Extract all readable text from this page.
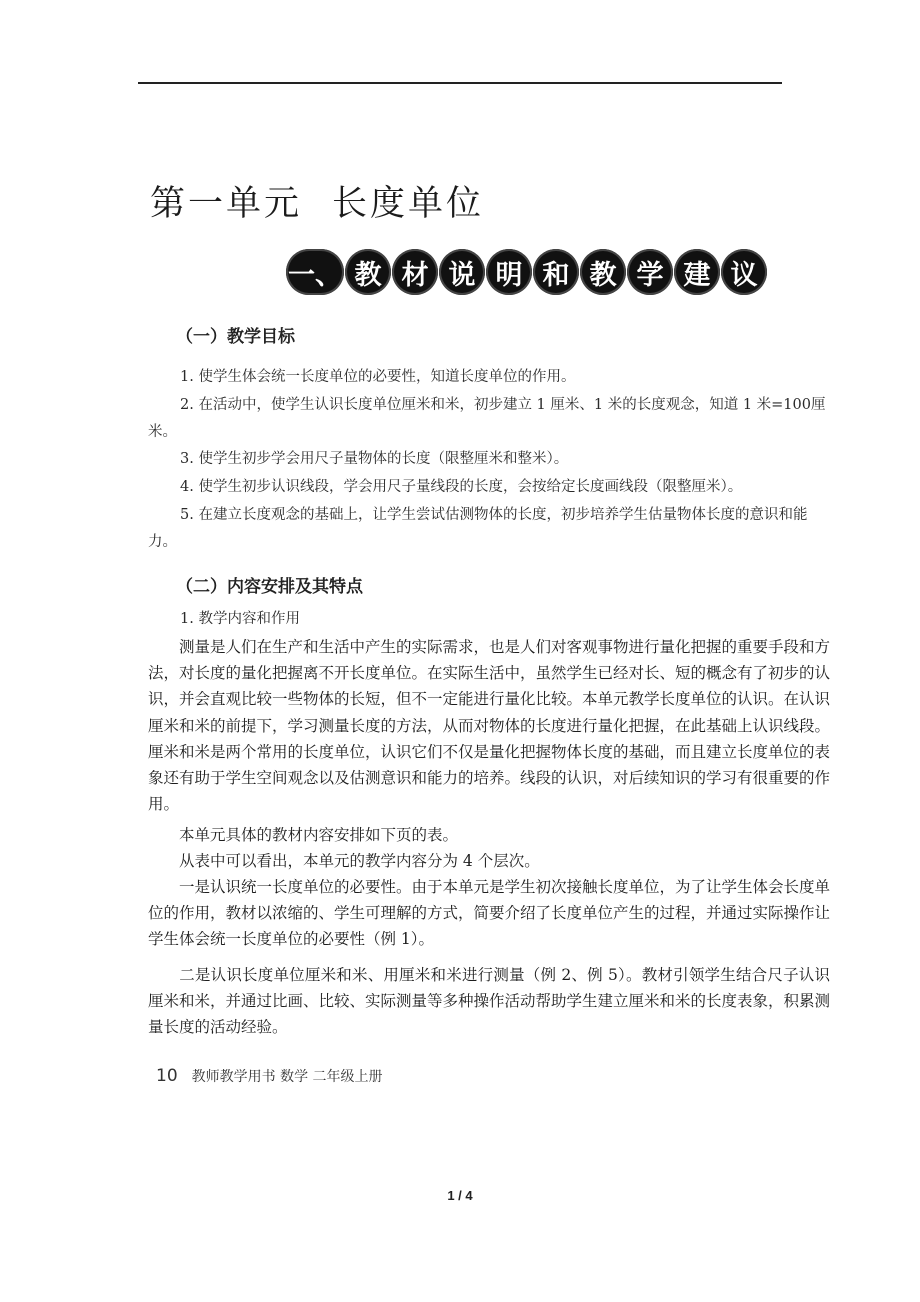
第一单元 长度单位
一、 教 材 说 明 和 教 学 建 议
（一）教学目标
1. 使学生体会统一长度单位的必要性，知道长度单位的作用。
2. 在活动中，使学生认识长度单位厘米和米，初步建立 1 厘米、1 米的长度观念，知道 1 米=100厘米。
3. 使学生初步学会用尺子量物体的长度（限整厘米和整米）。
4. 使学生初步认识线段，学会用尺子量线段的长度，会按给定长度画线段（限整厘米）。
5. 在建立长度观念的基础上，让学生尝试估测物体的长度，初步培养学生估量物体长度的意识和能力。
（二）内容安排及其特点
1. 教学内容和作用
测量是人们在生产和生活中产生的实际需求，也是人们对客观事物进行量化把握的重要手段和方法，对长度的量化把握离不开长度单位。在实际生活中，虽然学生已经对长、短的概念有了初步的认识，并会直观比较一些物体的长短，但不一定能进行量化比较。本单元教学长度单位的认识。在认识厘米和米的前提下，学习测量长度的方法，从而对物体的长度进行量化把握，在此基础上认识线段。厘米和米是两个常用的长度单位，认识它们不仅是量化把握物体长度的基础，而且建立长度单位的表象还有助于学生空间观念以及估测意识和能力的培养。线段的认识，对后续知识的学习有很重要的作用。
本单元具体的教材内容安排如下页的表。
从表中可以看出，本单元的教学内容分为 4 个层次。
一是认识统一长度单位的必要性。由于本单元是学生初次接触长度单位，为了让学生体会长度单位的作用，教材以浓缩的、学生可理解的方式，简要介绍了长度单位产生的过程，并通过实际操作让学生体会统一长度单位的必要性（例 1）。
二是认识长度单位厘米和米、用厘米和米进行测量（例 2、例 5）。教材引领学生结合尺子认识厘米和米，并通过比画、比较、实际测量等多种操作活动帮助学生建立厘米和米的长度表象，积累测量长度的活动经验。
10 教师教学用书 数学 二年级上册
1 / 4
